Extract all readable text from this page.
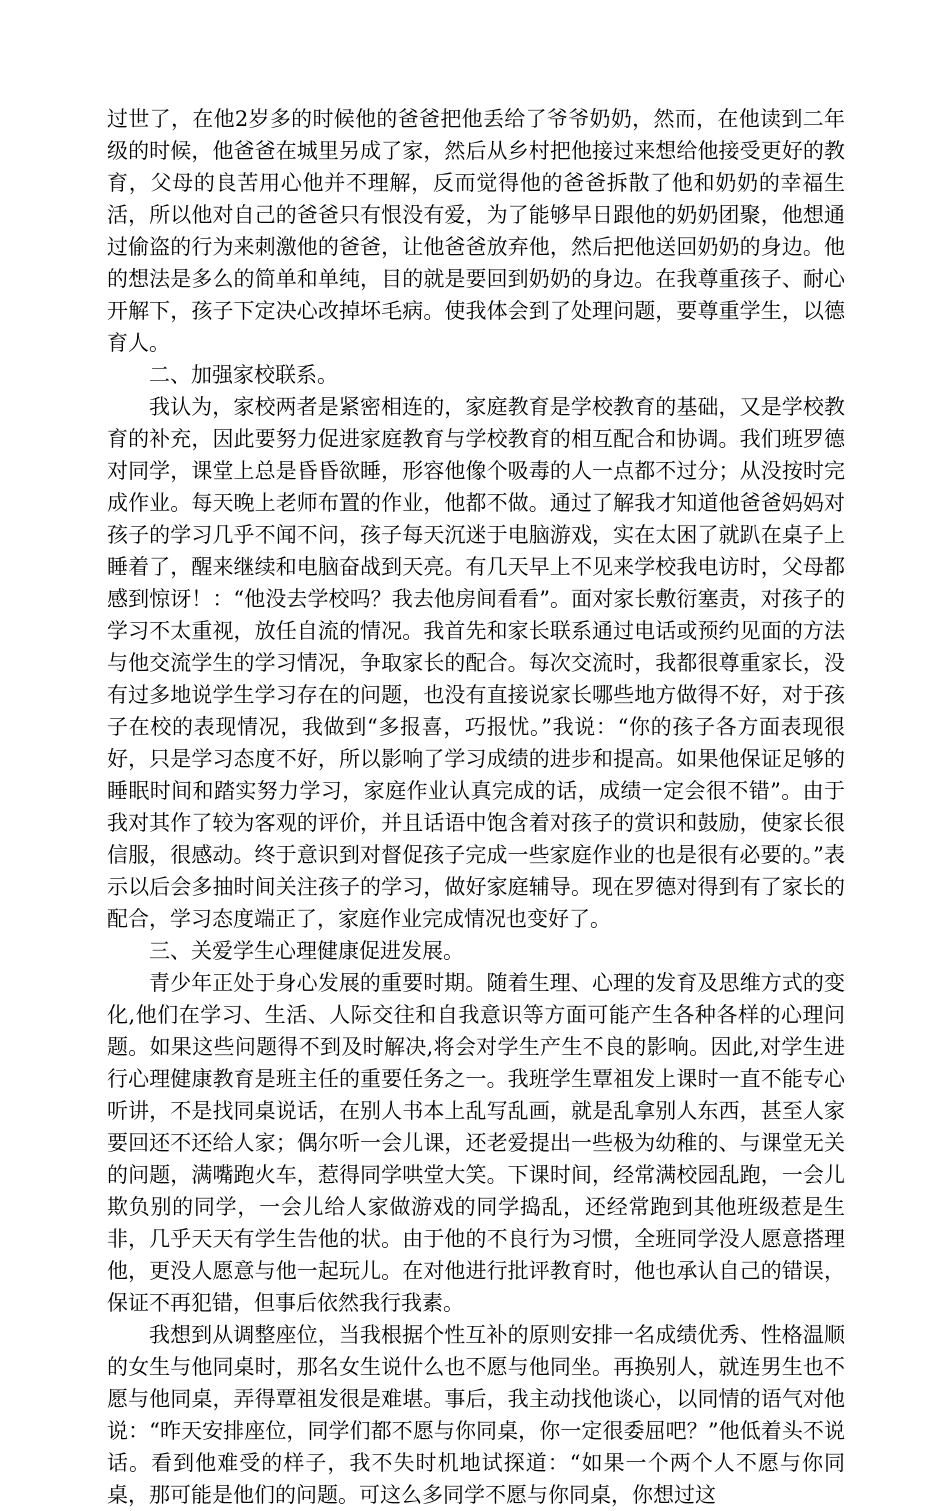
过世了，在他2岁多的时候他的爸爸把他丢给了爷爷奶奶，然而，在他读到二年级的时候，他爸爸在城里另成了家，然后从乡村把他接过来想给他接受更好的教育，父母的良苦用心他并不理解，反而觉得他的爸爸拆散了他和奶奶的幸福生活，所以他对自己的爸爸只有恨没有爱，为了能够早日跟他的奶奶团聚，他想通过偷盗的行为来刺激他的爸爸，让他爸爸放弃他，然后把他送回奶奶的身边。他的想法是多么的简单和单纯，目的就是要回到奶奶的身边。在我尊重孩子、耐心开解下，孩子下定决心改掉坏毛病。使我体会到了处理问题，要尊重学生，以德育人。

二、加强家校联系。

我认为，家校两者是紧密相连的，家庭教育是学校教育的基础，又是学校教育的补充，因此要努力促进家庭教育与学校教育的相互配合和协调。我们班罗德对同学，课堂上总是昏昏欲睡，形容他像个吸毒的人一点都不过分；从没按时完成作业。每天晚上老师布置的作业，他都不做。通过了解我才知道他爸爸妈妈对孩子的学习几乎不闻不问，孩子每天沉迷于电脑游戏，实在太困了就趴在桌子上睡着了，醒来继续和电脑奋战到天亮。有几天早上不见来学校我电访时，父母都感到惊讶！：“他没去学校吗？我去他房间看看”。面对家长敷衍塞责，对孩子的学习不太重视，放任自流的情况。我首先和家长联系通过电话或预约见面的方法与他交流学生的学习情况，争取家长的配合。每次交流时，我都很尊重家长，没有过多地说学生学习存在的问题，也没有直接说家长哪些地方做得不好，对于孩子在校的表现情况，我做到“多报喜，巧报忧。”我说：“你的孩子各方面表现很好，只是学习态度不好，所以影响了学习成绩的进步和提高。如果他保证足够的睡眠时间和踏实努力学习，家庭作业认真完成的话，成绩一定会很不错”。由于我对其作了较为客观的评价，并且话语中饱含着对孩子的赏识和鼓励，使家长很信服，很感动。终于意识到对督促孩子完成一些家庭作业的也是很有必要的。”表示以后会多抽时间关注孩子的学习，做好家庭辅导。现在罗德对得到有了家长的配合，学习态度端正了，家庭作业完成情况也变好了。

三、关爱学生心理健康促进发展。

青少年正处于身心发展的重要时期。随着生理、心理的发育及思维方式的变化,他们在学习、生活、人际交往和自我意识等方面可能产生各种各样的心理问题。如果这些问题得不到及时解决,将会对学生产生不良的影响。因此,对学生进行心理健康教育是班主任的重要任务之一。我班学生覃祖发上课时一直不能专心听讲，不是找同桌说话，在别人书本上乱写乱画，就是乱拿别人东西，甚至人家要回还不还给人家；偶尔听一会儿课，还老爱提出一些极为幼稚的、与课堂无关的问题，满嘴跑火车，惹得同学哄堂大笑。下课时间，经常满校园乱跑，一会儿欺负别的同学，一会儿给人家做游戏的同学捣乱，还经常跑到其他班级惹是生非，几乎天天有学生告他的状。由于他的不良行为习惯，全班同学没人愿意搭理他，更没人愿意与他一起玩儿。在对他进行批评教育时，他也承认自己的错误，保证不再犯错，但事后依然我行我素。

我想到从调整座位，当我根据个性互补的原则安排一名成绩优秀、性格温顺的女生与他同桌时，那名女生说什么也不愿与他同坐。再换别人，就连男生也不愿与他同桌，弄得覃祖发很是难堪。事后，我主动找他谈心，以同情的语气对他说：“昨天安排座位，同学们都不愿与你同桌，你一定很委屈吧？”他低着头不说话。看到他难受的样子，我不失时机地试探道：“如果一个两个人不愿与你同桌，那可能是他们的问题。可这么多同学不愿与你同桌，你想过这
